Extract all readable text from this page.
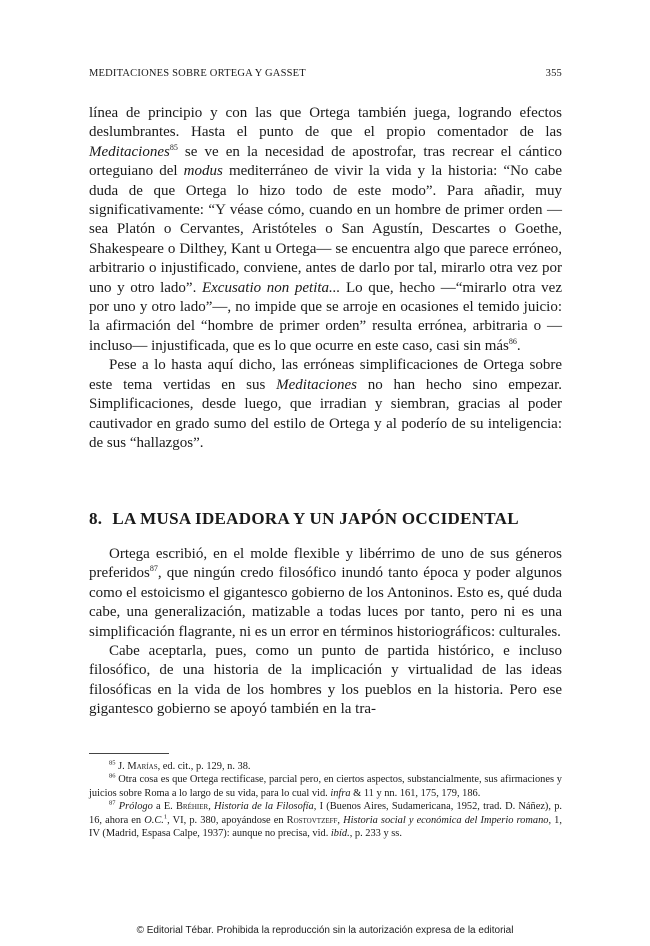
MEDITACIONES SOBRE ORTEGA Y GASSET	355

línea de principio y con las que Ortega también juega, logrando efectos deslumbrantes. Hasta el punto de que el propio comentador de las Meditaciones$^{85}$ se ve en la necesidad de apostrofar, tras recrear el cántico orteguiano del modus mediterráneo de vivir la vida y la historia: “No cabe duda de que Ortega lo hizo todo de este modo”. Para añadir, muy significativamente: “Y véase cómo, cuando en un hombre de primer orden —sea Platón o Cervantes, Aristóteles o San Agustín, Descartes o Goethe, Shakespeare o Dilthey, Kant u Ortega— se encuentra algo que parece erróneo, arbitrario o injustificado, conviene, antes de darlo por tal, mirarlo otra vez por uno y otro lado”. Excusatio non petita... Lo que, hecho —“mirarlo otra vez por uno y otro lado”—, no impide que se arroje en ocasiones el temido juicio: la afirmación del “hombre de primer orden” resulta errónea, arbitraria o —incluso— injustificada, que es lo que ocurre en este caso, casi sin más$^{86}$.

Pese a lo hasta aquí dicho, las erróneas simplificaciones de Ortega sobre este tema vertidas en sus Meditaciones no han hecho sino empezar. Simplificaciones, desde luego, que irradian y siembran, gracias al poder cautivador en grado sumo del estilo de Ortega y al poderío de su inteligencia: de sus “hallazgos”.

8. LA MUSA IDEADORA Y UN JAPÓN OCCIDENTAL

Ortega escribió, en el molde flexible y libérrimo de uno de sus géneros preferidos$^{87}$, que ningún credo filosófico inundó tanto época y poder algunos como el estoicismo el gigantesco gobierno de los Antoninos. Esto es, qué duda cabe, una generalización, matizable a todas luces por tanto, pero ni es una simplificación flagrante, ni es un error en términos historiográficos: culturales.

Cabe aceptarla, pues, como un punto de partida histórico, e incluso filosófico, de una historia de la implicación y virtualidad de las ideas filosóficas en la vida de los hombres y los pueblos en la historia. Pero ese gigantesco gobierno se apoyó también en la tra-

$^{85}$ J. Marías, ed. cit., p. 129, n. 38.

$^{86}$ Otra cosa es que Ortega rectificase, parcial pero, en ciertos aspectos, substancialmente, sus afirmaciones y juicios sobre Roma a lo largo de su vida, para lo cual vid. infra & 11 y nn. 161, 175, 179, 186.

$^{87}$ Prólogo a E. Bréhier, Historia de la Filosofía, I (Buenos Aires, Sudamericana, 1952, trad. D. Náñez), p. 16, ahora en O.C.$^1$, VI, p. 380, apoyándose en Rostovtzeff, Historia social y económica del Imperio romano, 1, IV (Madrid, Espasa Calpe, 1937): aunque no precisa, vid. ibíd., p. 233 y ss.

© Editorial Tébar. Prohibida la reproducción sin la autorización expresa de la editorial
